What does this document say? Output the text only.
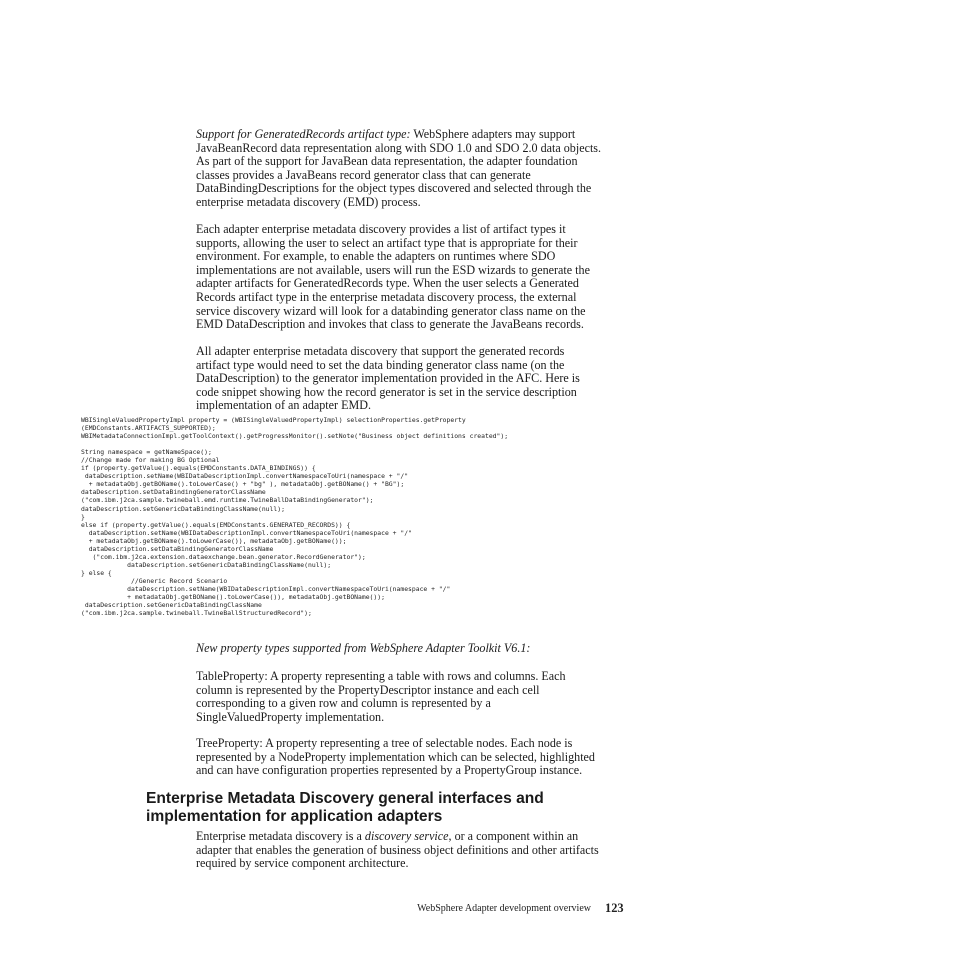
Support for GeneratedRecords artifact type: WebSphere adapters may support
JavaBeanRecord data representation along with SDO 1.0 and SDO 2.0 data objects.
As part of the support for JavaBean data representation, the adapter foundation
classes provides a JavaBeans record generator class that can generate
DataBindingDescriptions for the object types discovered and selected through the
enterprise metadata discovery (EMD) process.
Each adapter enterprise metadata discovery provides a list of artifact types it
supports, allowing the user to select an artifact type that is appropriate for their
environment. For example, to enable the adapters on runtimes where SDO
implementations are not available, users will run the ESD wizards to generate the
adapter artifacts for GeneratedRecords type. When the user selects a Generated
Records artifact type in the enterprise metadata discovery process, the external
service discovery wizard will look for a databinding generator class name on the
EMD DataDescription and invokes that class to generate the JavaBeans records.
All adapter enterprise metadata discovery that support the generated records
artifact type would need to set the data binding generator class name (on the
DataDescription) to the generator implementation provided in the AFC. Here is
code snippet showing how the record generator is set in the service description
implementation of an adapter EMD.
WBISingleValuedPropertyImpl property = (WBISingleValuedPropertyImpl) selectionProperties.getProperty
(EMDConstants.ARTIFACTS_SUPPORTED);
WBIMetadataConnectionImpl.getToolContext().getProgressMonitor().setNote("Business object definitions created");

String namespace = getNameSpace();
//Change made for making BG Optional
if (property.getValue().equals(EMDConstants.DATA_BINDINGS)) {
dataDescription.setName(WBIDataDescriptionImpl.convertNamespaceToUri(namespace + "/"
+ metadataObj.getBOName().toLowerCase() + "bg" ), metadataObj.getBOName() + "BG");
dataDescription.setDataBindingGeneratorClassName
("com.ibm.j2ca.sample.twineball.emd.runtime.TwineBallDataBindingGenerator");
dataDescription.setGenericDataBindingClassName(null);
}
else if (property.getValue().equals(EMDConstants.GENERATED_RECORDS)) {
dataDescription.setName(WBIDataDescriptionImpl.convertNamespaceToUri(namespace + "/"
+ metadataObj.getBOName().toLowerCase()), metadataObj.getBOName());
dataDescription.setDataBindingGeneratorClassName
("com.ibm.j2ca.extension.dataexchange.bean.generator.RecordGenerator");
dataDescription.setGenericDataBindingClassName(null);
} else {
//Generic Record Scenario
dataDescription.setName(WBIDataDescriptionImpl.convertNamespaceToUri(namespace + "/"
+ metadataObj.getBOName().toLowerCase()), metadataObj.getBOName());
dataDescription.setGenericDataBindingClassName
("com.ibm.j2ca.sample.twineball.TwineBallStructuredRecord");
New property types supported from WebSphere Adapter Toolkit V6.1:
TableProperty: A property representing a table with rows and columns. Each
column is represented by the PropertyDescriptor instance and each cell
corresponding to a given row and column is represented by a
SingleValuedProperty implementation.
TreeProperty: A property representing a tree of selectable nodes. Each node is
represented by a NodeProperty implementation which can be selected, highlighted
and can have configuration properties represented by a PropertyGroup instance.
Enterprise Metadata Discovery general interfaces and
implementation for application adapters
Enterprise metadata discovery is a discovery service, or a component within an
adapter that enables the generation of business object definitions and other artifacts
required by service component architecture.
WebSphere Adapter development overview 123
